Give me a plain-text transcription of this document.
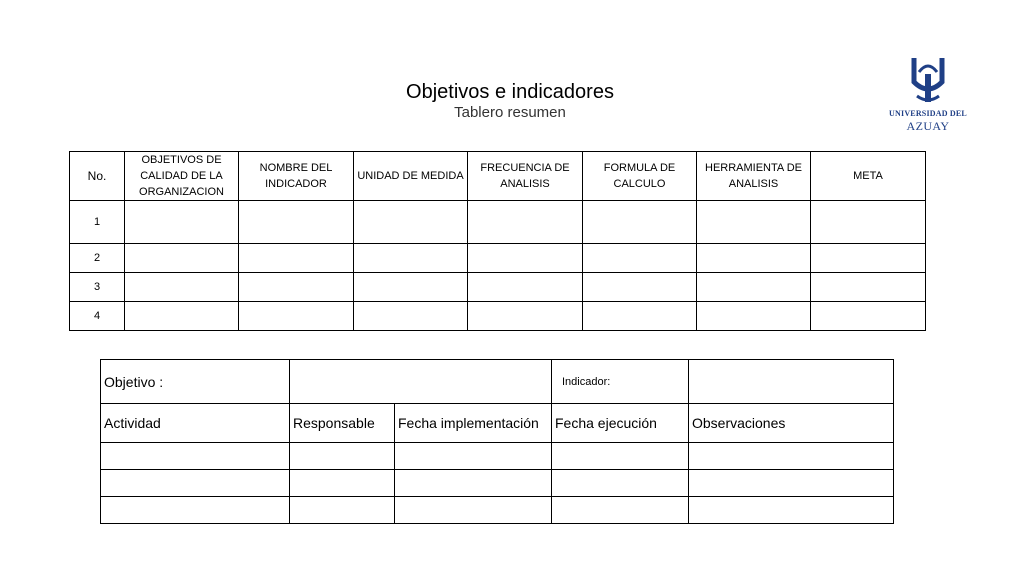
Objetivos e indicadores
Tablero resumen	UNIVERSIDAD DEL
AZUAY
No.	OBJETIVOS DE CALIDAD DE LA ORGANIZACION	NOMBRE DEL INDICADOR	UNIDAD DE MEDIDA	FRECUENCIA DE ANALISIS	FORMULA DE CALCULO	HERRAMIENTA DE ANALISIS	META
1							
2							
3							
4							
Objetivo :			Indicador:	
Actividad	Responsable	Fecha implementación	Fecha ejecución	Observaciones
